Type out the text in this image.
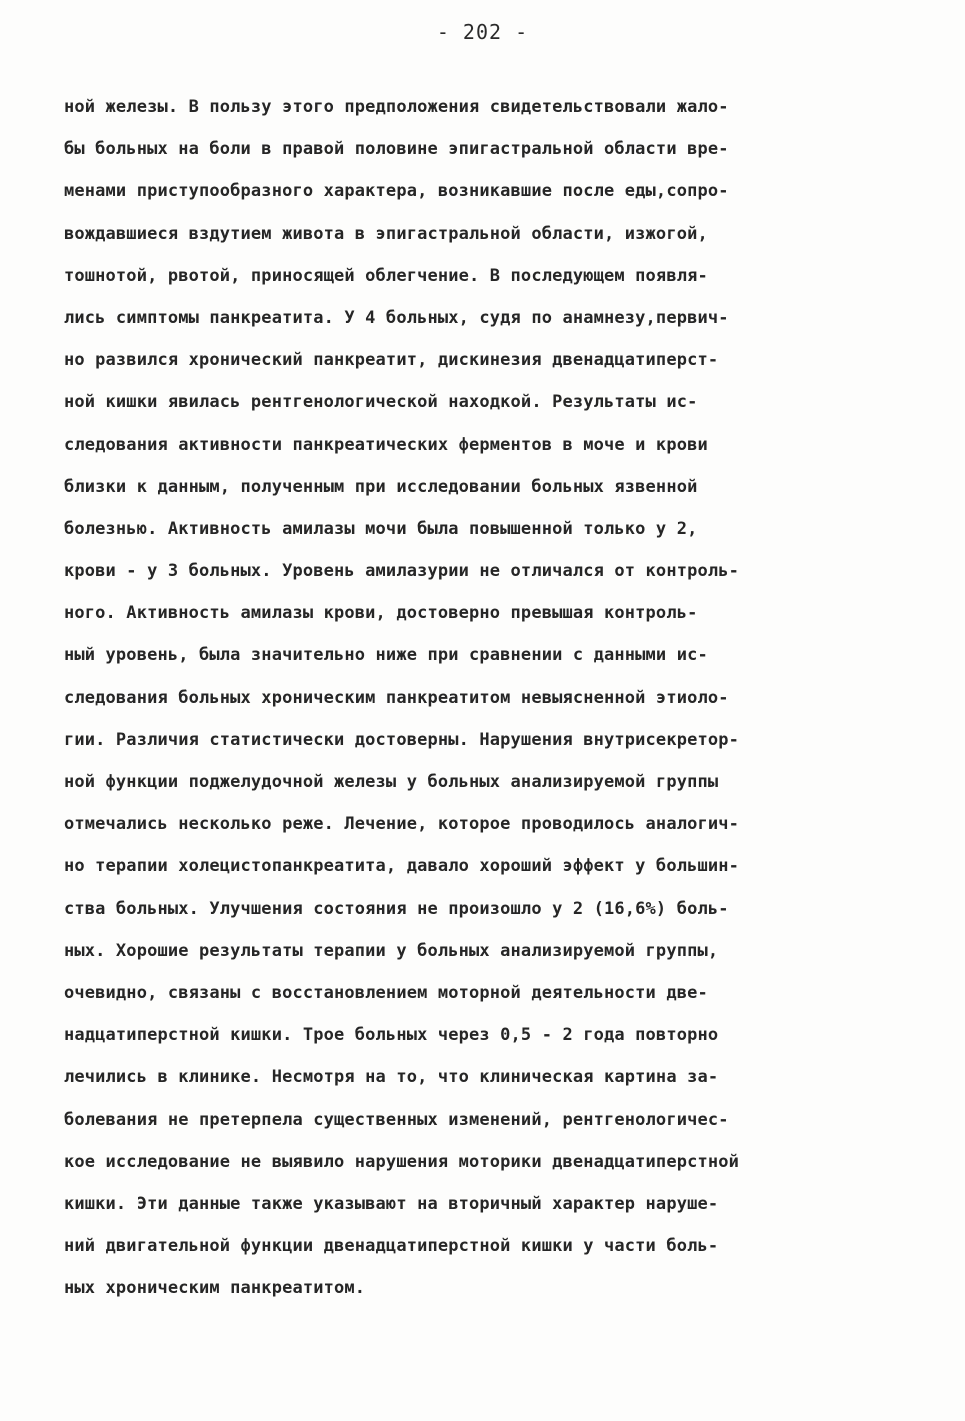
- 202 -
ной железы. В пользу этого предположения свидетельствовали жало-
бы больных на боли в правой половине эпигастральной области вре-
менами приступообразного характера, возникавшие после еды,сопро-
вождавшиеся вздутием живота в эпигастральной области, изжогой,
тошнотой, рвотой, приносящей облегчение. В последующем появля-
лись симптомы панкреатита. У 4 больных, судя по анамнезу,первич-
но развился хронический панкреатит, дискинезия двенадцатиперст-
ной кишки явилась рентгенологической находкой. Результаты ис-
следования активности панкреатических ферментов в моче и крови
близки к данным, полученным при исследовании больных язвенной
болезнью. Активность амилазы мочи была повышенной только у 2,
крови - у 3 больных. Уровень амилазурии не отличался от контроль-
ного. Активность амилазы крови, достоверно превышая контроль-
ный уровень, была значительно ниже при сравнении с данными ис-
следования больных хроническим панкреатитом невыясненной этиоло-
гии. Различия статистически достоверны. Нарушения внутрисекретор-
ной функции поджелудочной железы у больных анализируемой группы
отмечались несколько реже. Лечение, которое проводилось аналогич-
но терапии холецистопанкреатита, давало хороший эффект у большин-
ства больных. Улучшения состояния не произошло у 2 (16,6%) боль-
ных. Хорошие результаты терапии у больных анализируемой группы,
очевидно, связаны с восстановлением моторной деятельности две-
надцатиперстной кишки. Трое больных через 0,5 - 2 года повторно
лечились в клинике. Несмотря на то, что клиническая картина за-
болевания не претерпела существенных изменений, рентгенологичес-
кое исследование не выявило нарушения моторики двенадцатиперстной
кишки. Эти данные также указывают на вторичный характер наруше-
ний двигательной функции двенадцатиперстной кишки у части боль-
ных хроническим панкреатитом.
